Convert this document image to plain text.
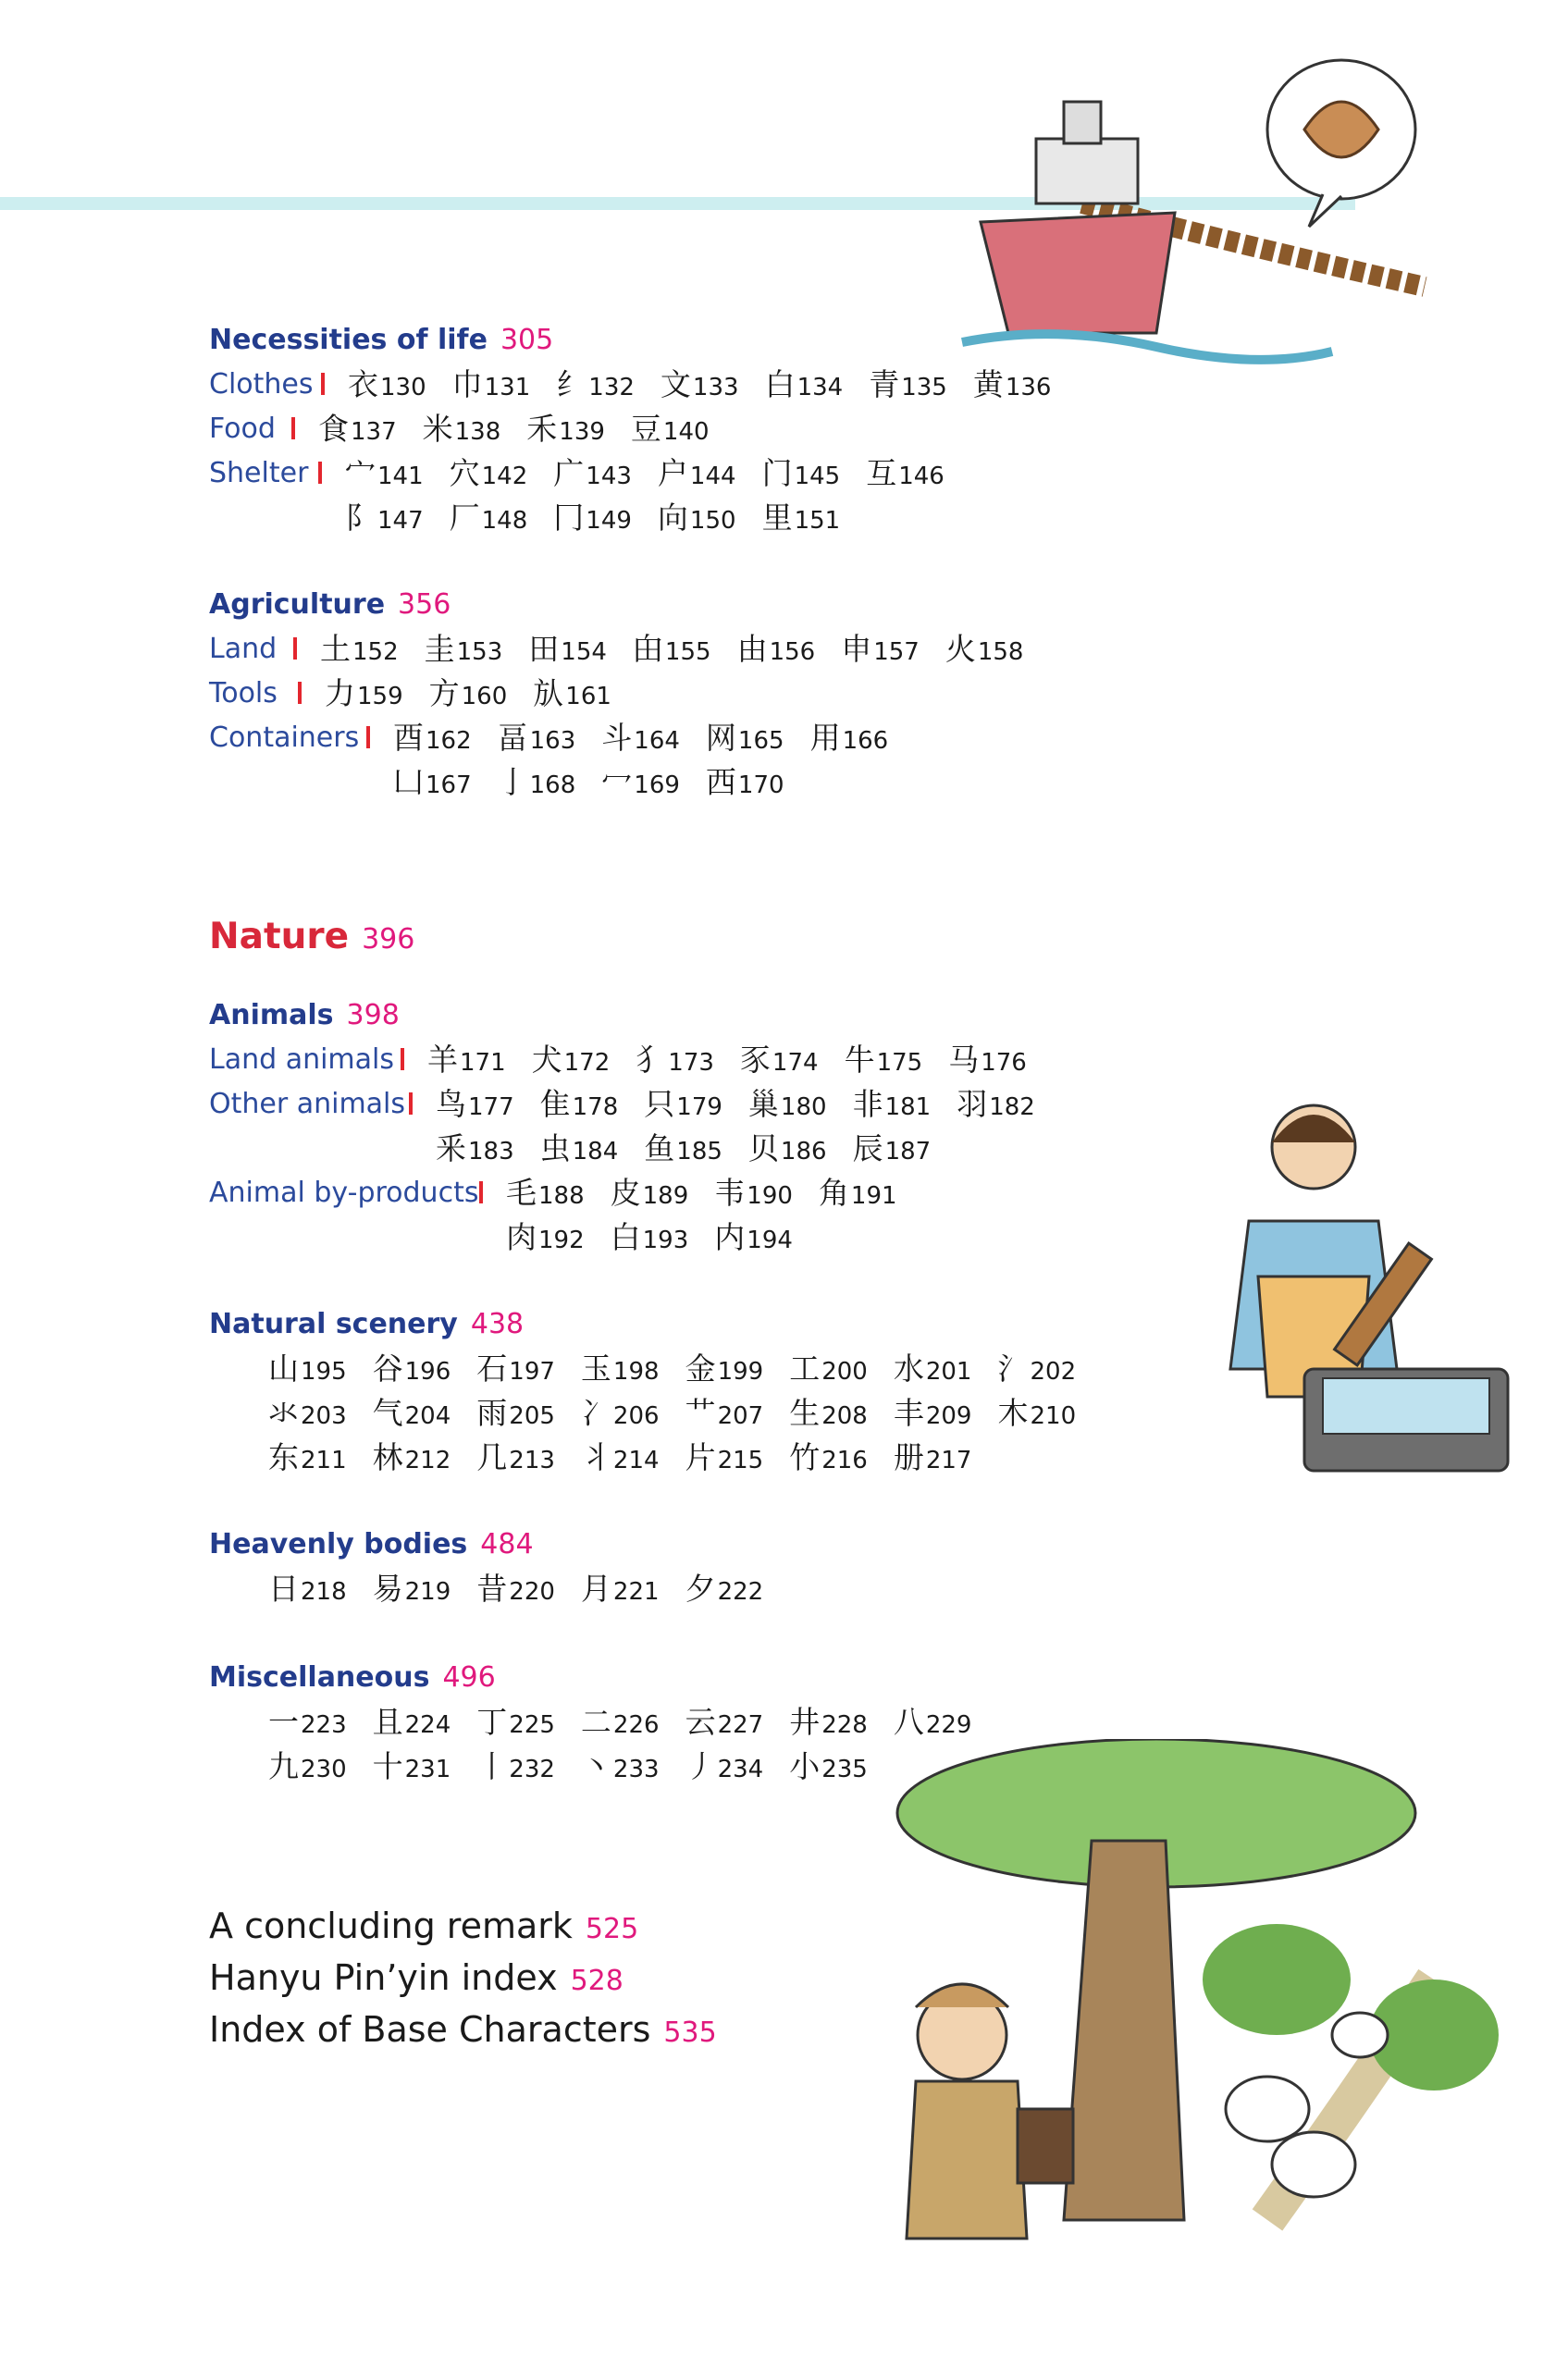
Necessities of life 305
Clothes 衣130 巾131 纟132 文133 白134 青135 黄136
Food 食137 米138 禾139 豆140
Shelter 宀141 穴142 广143 户144 门145 互146
阝147 厂148 冂149 向150 里151
Agriculture 356
Land 土152 圭153 田154 甶155 由156 申157 火158
Tools 力159 方160 㫃161
Containers 酉162 畐163 斗164 网165 用166
凵167 亅168 冖169 西170
Nature 396
Animals 398
Land animals 羊171 犬172 犭173 豕174 牛175 马176
Other animals 鸟177 隹178 只179 巢180 非181 羽182
釆183 虫184 鱼185 贝186 辰187
Animal by-products 毛188 皮189 韦190 角191
肉192 白193 内194
Natural scenery 438
山195 谷196 石197 玉198 金199 工200 水201 氵202
氺203 气204 雨205 冫206 艹207 生208 丰209 木210
东211 林212 几213 丬214 片215 竹216 册217
Heavenly bodies 484
日218 易219 昔220 月221 夕222
Miscellaneous 496
一223 且224 丁225 二226 云227 井228 八229
九230 十231 丨232 丶233 丿234 小235
A concluding remark 525
Hanyu Pin’yin index 528
Index of Base Characters 535
